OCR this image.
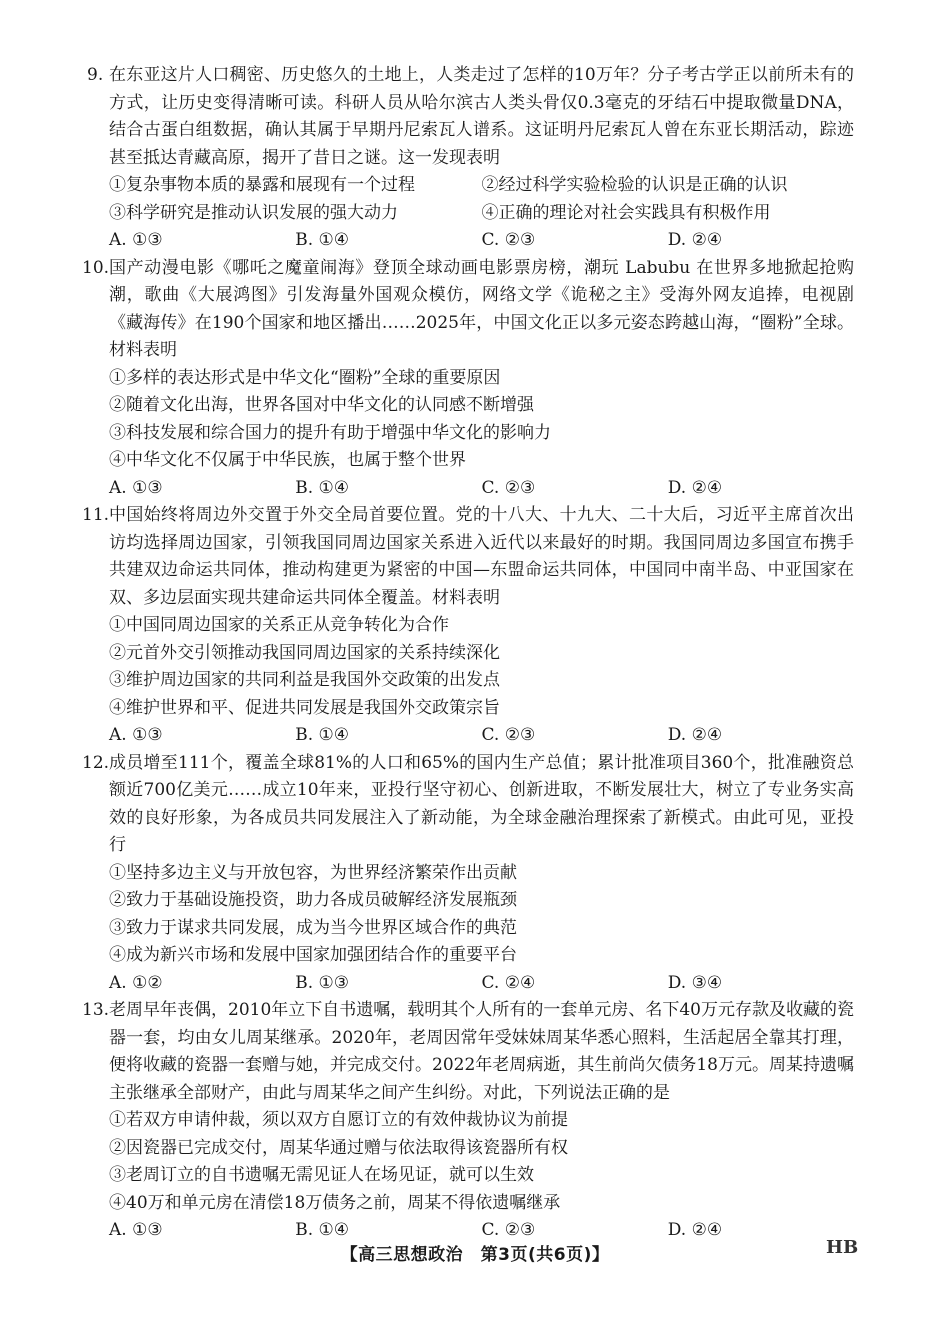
9. 在东亚这片人口稠密、历史悠久的土地上，人类走过了怎样的10万年？分子考古学正以前所未有的方式，让历史变得清晰可读。科研人员从哈尔滨古人类头骨仅0.3毫克的牙结石中提取微量DNA，结合古蛋白组数据，确认其属于早期丹尼索瓦人谱系。这证明丹尼索瓦人曾在东亚长期活动，踪迹甚至抵达青藏高原，揭开了昔日之谜。这一发现表明
①复杂事物本质的暴露和展现有一个过程	②经过科学实验检验的认识是正确的认识
③科学研究是推动认识发展的强大动力	④正确的理论对社会实践具有积极作用
A. ①③	B. ①④	C. ②③	D. ②④
10. 国产动漫电影《哪吒之魔童闹海》登顶全球动画电影票房榜，潮玩 Labubu 在世界多地掀起抢购潮，歌曲《大展鸿图》引发海量外国观众模仿，网络文学《诡秘之主》受海外网友追捧，电视剧《藏海传》在190个国家和地区播出……2025年，中国文化正以多元姿态跨越山海，“圈粉”全球。材料表明
①多样的表达形式是中华文化“圈粉”全球的重要原因
②随着文化出海，世界各国对中华文化的认同感不断增强
③科技发展和综合国力的提升有助于增强中华文化的影响力
④中华文化不仅属于中华民族，也属于整个世界
A. ①③	B. ①④	C. ②③	D. ②④
11. 中国始终将周边外交置于外交全局首要位置。党的十八大、十九大、二十大后，习近平主席首次出访均选择周边国家，引领我国同周边国家关系进入近代以来最好的时期。我国同周边多国宣布携手共建双边命运共同体，推动构建更为紧密的中国—东盟命运共同体，中国同中南半岛、中亚国家在双、多边层面实现共建命运共同体全覆盖。材料表明
①中国同周边国家的关系正从竞争转化为合作
②元首外交引领推动我国同周边国家的关系持续深化
③维护周边国家的共同利益是我国外交政策的出发点
④维护世界和平、促进共同发展是我国外交政策宗旨
A. ①③	B. ①④	C. ②③	D. ②④
12. 成员增至111个，覆盖全球81%的人口和65%的国内生产总值；累计批准项目360个，批准融资总额近700亿美元……成立10年来，亚投行坚守初心、创新进取，不断发展壮大，树立了专业务实高效的良好形象，为各成员共同发展注入了新动能，为全球金融治理探索了新模式。由此可见，亚投行
①坚持多边主义与开放包容，为世界经济繁荣作出贡献
②致力于基础设施投资，助力各成员破解经济发展瓶颈
③致力于谋求共同发展，成为当今世界区域合作的典范
④成为新兴市场和发展中国家加强团结合作的重要平台
A. ①②	B. ①③	C. ②④	D. ③④
13. 老周早年丧偶，2010年立下自书遗嘱，载明其个人所有的一套单元房、名下40万元存款及收藏的瓷器一套，均由女儿周某继承。2020年，老周因常年受妹妹周某华悉心照料，生活起居全靠其打理，便将收藏的瓷器一套赠与她，并完成交付。2022年老周病逝，其生前尚欠债务18万元。周某持遗嘱主张继承全部财产，由此与周某华之间产生纠纷。对此，下列说法正确的是
①若双方申请仲裁，须以双方自愿订立的有效仲裁协议为前提
②因瓷器已完成交付，周某华通过赠与依法取得该瓷器所有权
③老周订立的自书遗嘱无需见证人在场见证，就可以生效
④40万和单元房在清偿18万债务之前，周某不得依遗嘱继承
A. ①③	B. ①④	C. ②③	D. ②④
【高三思想政治　第3页(共6页)】	HB
